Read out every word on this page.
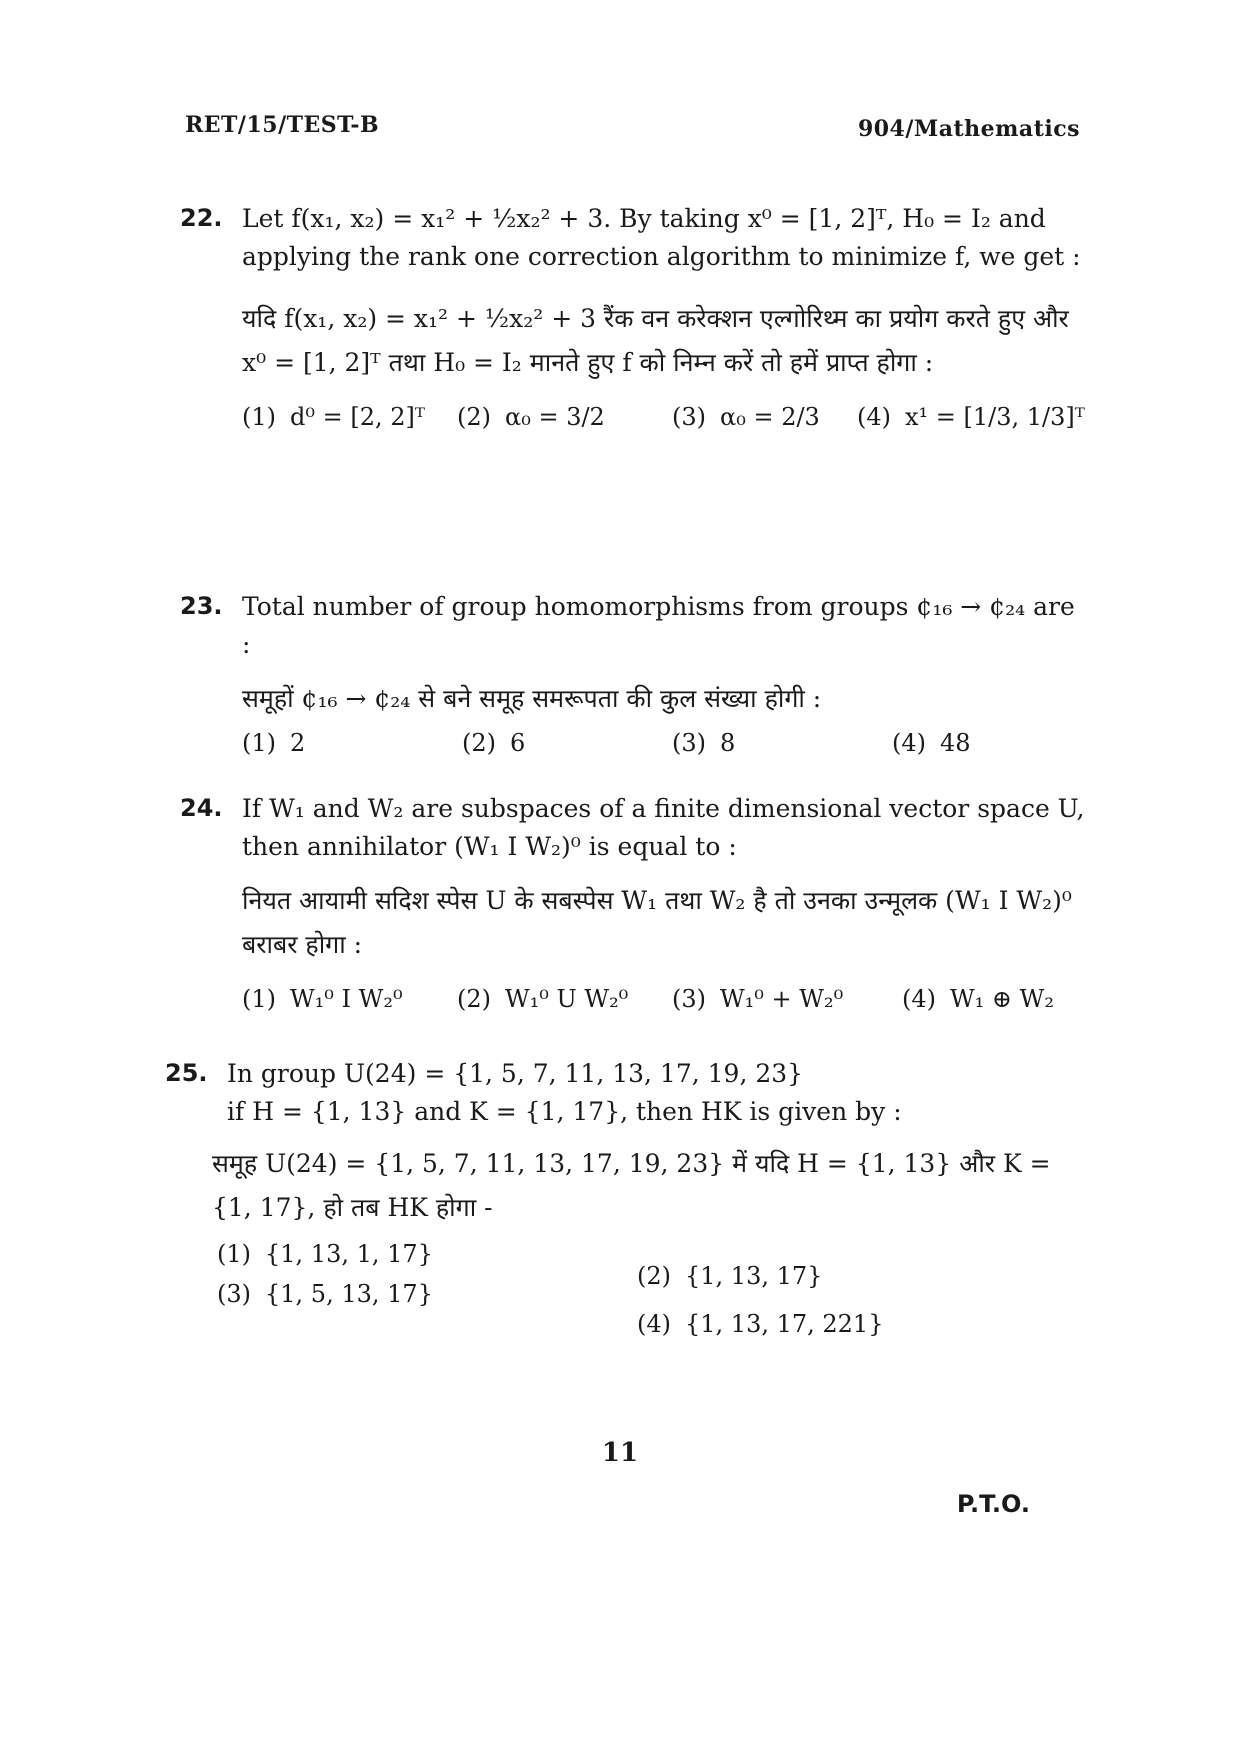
RET/15/TEST-B	904/Mathematics
22. Let f(x₁, x₂) = x₁² + ½x₂² + 3. By taking x⁰ = [1, 2]ᵀ, H₀ = I₂ and applying the rank one correction algorithm to minimize f, we get :
यदि f(x₁, x₂) = x₁² + ½x₂² + 3 रैंक वन करेक्शन एल्गोरिथ्म का प्रयोग करते हुए और x⁰ = [1, 2]ᵀ तथा H₀ = I₂ मानते हुए f को निम्न करें तो हमें प्राप्त होगा :
(1) d⁰ = [2, 2]ᵀ (2) α₀ = 3/2	(3) α₀ = 2/3 (4) x¹ = [1/3, 1/3]ᵀ
23. Total number of group homomorphisms from groups ¢₁₆ → ¢₂₄ are :
समूहों ¢₁₆ → ¢₂₄ से बने समूह समरूपता की कुल संख्या होगी :
(1) 2	(2) 6	(3) 8	(4) 48
24. If W₁ and W₂ are subspaces of a finite dimensional vector space U, then annihilator (W₁ I W₂)⁰ is equal to :
नियत आयामी सदिश स्पेस U के सबस्पेस W₁ तथा W₂ है तो उनका उन्मूलक (W₁ I W₂)⁰ बराबर होगा :
(1) W₁⁰ I W₂⁰ (2) W₁⁰ U W₂⁰ (3) W₁⁰ + W₂⁰ (4) W₁ ⊕ W₂
25. In group U(24) = {1, 5, 7, 11, 13, 17, 19, 23}
if H = {1, 13} and K = {1, 17}, then HK is given by :
समूह U(24) = {1, 5, 7, 11, 13, 17, 19, 23} में यदि H = {1, 13} और K = {1, 17}, हो तब HK होगा -
(1) {1, 13, 1, 17}
(2) {1, 13, 17}
(3) {1, 5, 13, 17}
(4) {1, 13, 17, 221}
11
P.T.O.
